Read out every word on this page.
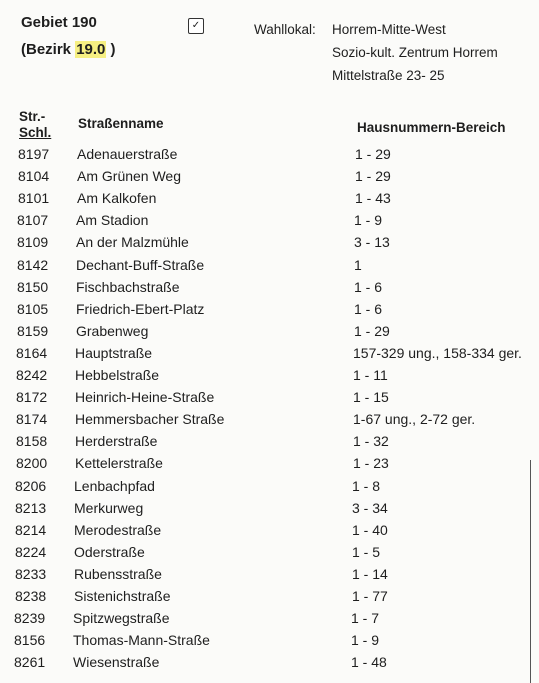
Gebiet 190
(Bezirk 19.0 )
✓	Wahllokal: Horrem-Mitte-West
Sozio-kult. Zentrum Horrem
Mittelstraße 23- 25
Str.-
Schl.
Straßenname	Hausnummern-Bereich
8197 Adenauerstraße	1 - 29
8104 Am Grünen Weg	1 - 29
8101 Am Kalkofen	1 - 43
8107 Am Stadion	1 - 9
8109 An der Malzmühle	3 - 13
8142 Dechant-Buff-Straße	1
8150 Fischbachstraße	1 - 6
8105 Friedrich-Ebert-Platz	1 - 6
8159 Grabenweg	1 - 29
8164 Hauptstraße	157-329 ung., 158-334 ger.
8242 Hebbelstraße	1 - 11
8172 Heinrich-Heine-Straße	1 - 15
8174 Hemmersbacher Straße	1-67 ung., 2-72 ger.
8158 Herderstraße	1 - 32
8200 Kettelerstraße	1 - 23
8206 Lenbachpfad	1 - 8
8213 Merkurweg	3 - 34
8214 Merodestraße	1 - 40
8224 Oderstraße	1 - 5
8233 Rubensstraße	1 - 14
8238 Sistenichstraße	1 - 77
8239 Spitzwegstraße	1 - 7
8156 Thomas-Mann-Straße	1 - 9
8261 Wiesenstraße	1 - 48
